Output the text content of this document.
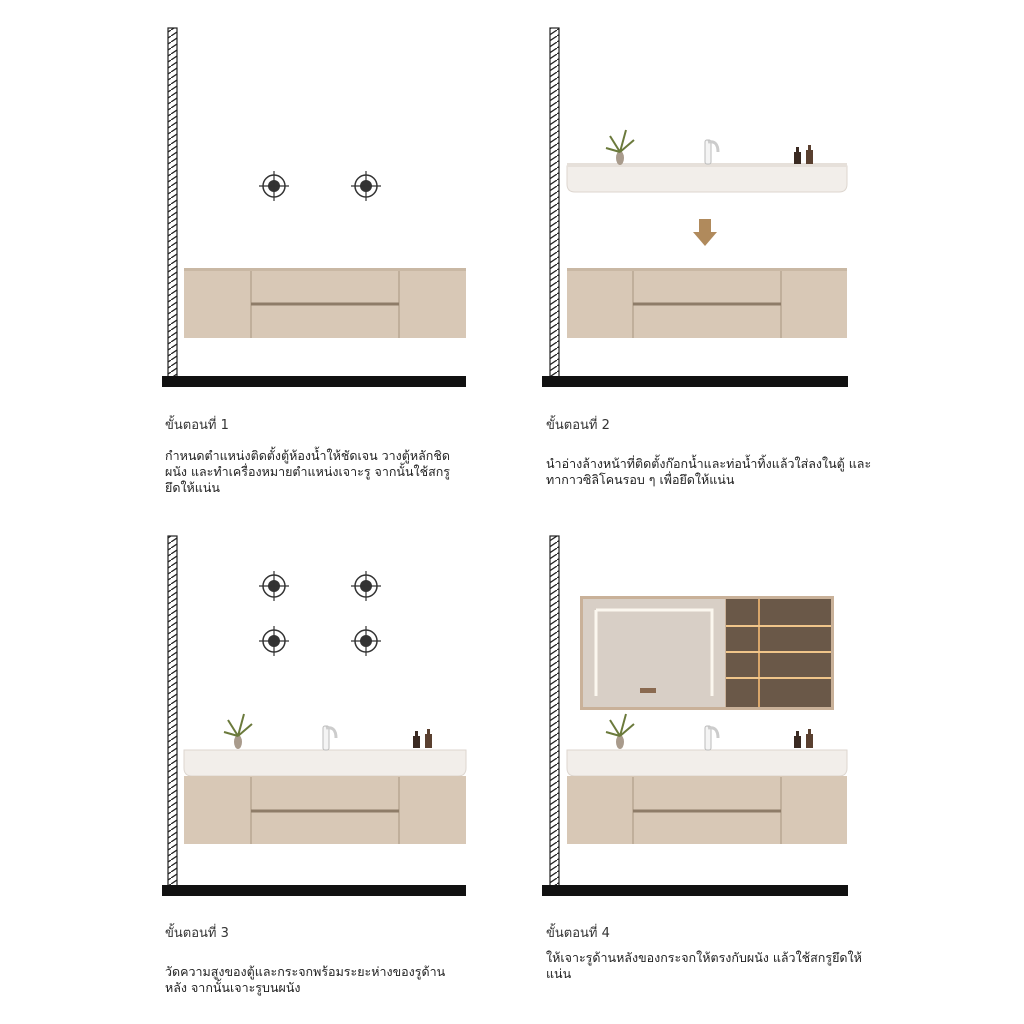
ขั้นตอนที่ 1
กำหนดตำแหน่งติดตั้งตู้ห้องน้ำให้ชัดเจน วางตู้หลักชิดผนัง และทำเครื่องหมายตำแหน่งเจาะรู จากนั้นใช้สกรูยึดให้แน่น
ขั้นตอนที่ 2
นำอ่างล้างหน้าที่ติดตั้งก๊อกน้ำและท่อน้ำทิ้งแล้วใส่ลงในตู้ และทากาวซิลิโคนรอบ ๆ เพื่อยึดให้แน่น
ขั้นตอนที่ 3
วัดความสูงของตู้และกระจกพร้อมระยะห่างของรูด้านหลัง จากนั้นเจาะรูบนผนัง
ขั้นตอนที่ 4
ให้เจาะรูด้านหลังของกระจกให้ตรงกับผนัง แล้วใช้สกรูยึดให้แน่น
